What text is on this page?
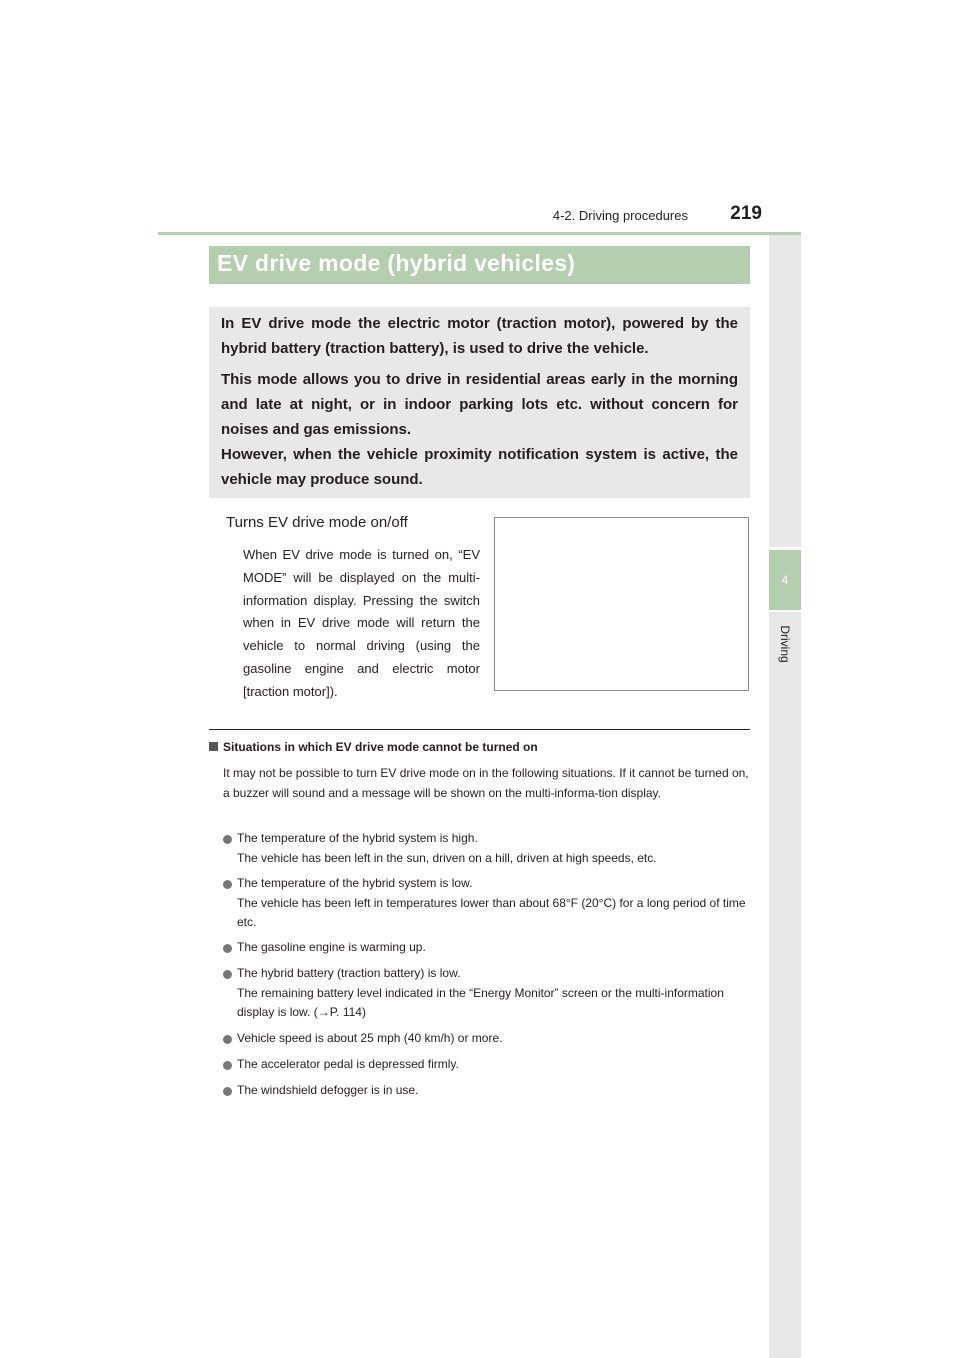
4-2. Driving procedures	219
4
Driving
EV drive mode (hybrid vehicles)

In EV drive mode the electric motor (traction motor), powered by the hybrid battery (traction battery), is used to drive the vehicle.

This mode allows you to drive in residential areas early in the morning and late at night, or in indoor parking lots etc. without concern for noises and gas emissions.

However, when the vehicle proximity notification system is active, the vehicle may produce sound.

Turns EV drive mode on/off
When EV drive mode is turned on, “EV MODE” will be displayed on the multi-information display. Pressing the switch when in EV drive mode will return the vehicle to normal driving (using the gasoline engine and electric motor [traction motor]).
Situations in which EV drive mode cannot be turned on
It may not be possible to turn EV drive mode on in the following situations. If it cannot be turned on, a buzzer will sound and a message will be shown on the multi-informa-tion display.
The temperature of the hybrid system is high.
The vehicle has been left in the sun, driven on a hill, driven at high speeds, etc.
The temperature of the hybrid system is low.
The vehicle has been left in temperatures lower than about 68°F (20°C) for a long period of time etc.
The gasoline engine is warming up.
The hybrid battery (traction battery) is low.
The remaining battery level indicated in the “Energy Monitor” screen or the multi-information display is low. (→P. 114)
Vehicle speed is about 25 mph (40 km/h) or more.
The accelerator pedal is depressed firmly.
The windshield defogger is in use.
